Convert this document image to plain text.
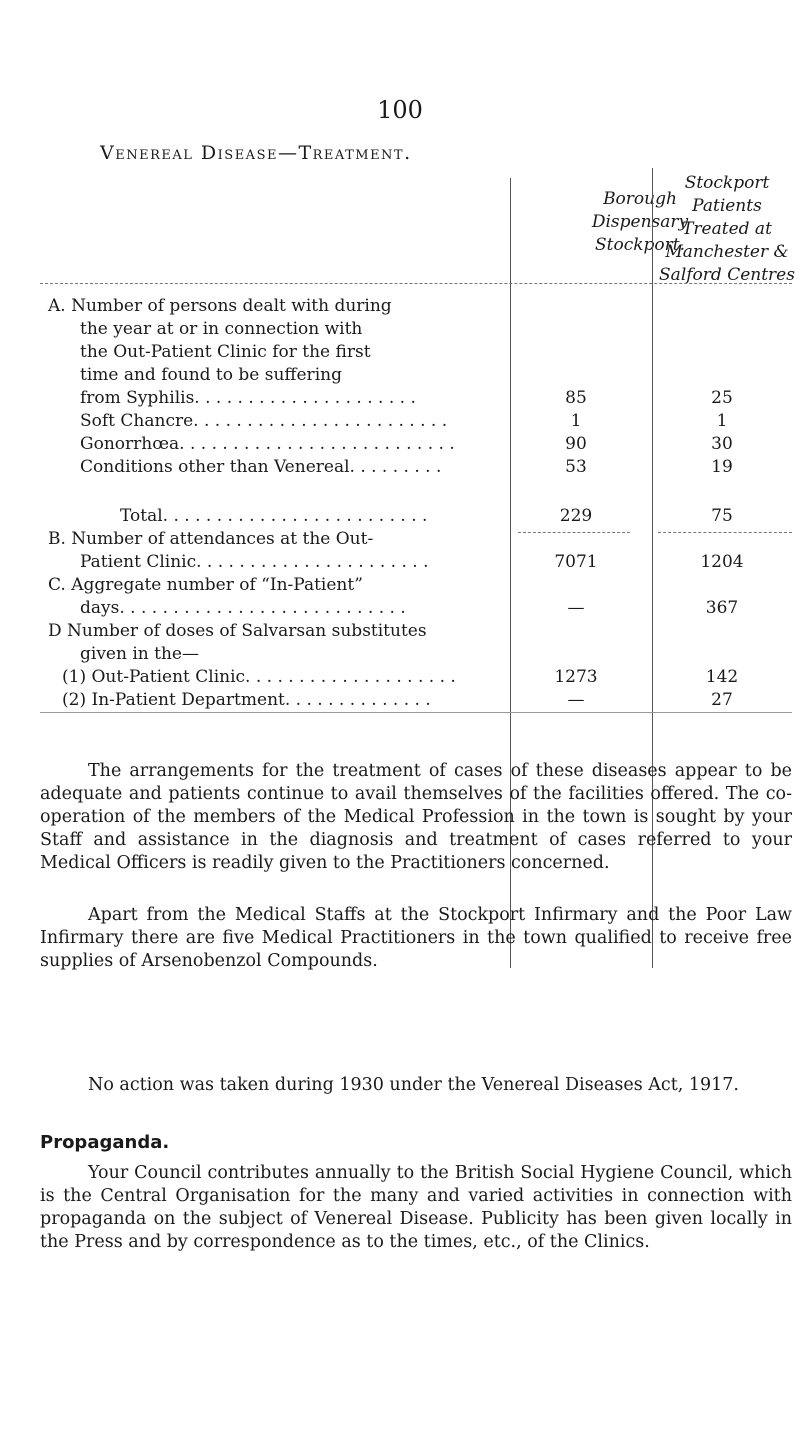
100
Venereal Disease—Treatment.
Borough
Dispensary
Stockport.
Stockport
Patients
Treated at
Manchester &
Salford Centres
A. Number of persons dealt with during
the year at or in connection with
the Out-Patient Clinic for the first
time and found to be suffering
from Syphilis. . . . . . . . . . . . . . . . . . . . .	85	25
Soft Chancre. . . . . . . . . . . . . . . . . . . . . . . .	1	1
Gonorrhœa. . . . . . . . . . . . . . . . . . . . . . . . . .	90	30
Conditions other than Venereal. . . . . . . . .	53	19
Total. . . . . . . . . . . . . . . . . . . . . . . . .	229	75
B. Number of attendances at the Out-
Patient Clinic. . . . . . . . . . . . . . . . . . . . . .	7071	1204
C. Aggregate number of “In-Patient”
days. . . . . . . . . . . . . . . . . . . . . . . . . . .	—	367
D Number of doses of Salvarsan substitutes
given in the—
(1) Out-Patient Clinic. . . . . . . . . . . . . . . . . . . .	1273	142
(2) In-Patient Department. . . . . . . . . . . . . .	—	27
The arrangements for the treatment of cases of these diseases appear to be adequate and patients continue to avail themselves of the facilities offered. The co-operation of the members of the Medical Profession in the town is sought by your Staff and assistance in the diagnosis and treatment of cases referred to your Medical Officers is readily given to the Practitioners concerned.
Apart from the Medical Staffs at the Stockport Infirmary and the Poor Law Infirmary there are five Medical Practitioners in the town qualified to receive free supplies of Arsenobenzol Compounds.
No action was taken during 1930 under the Venereal Diseases Act, 1917.
Propaganda.
Your Council contributes annually to the British Social Hygiene Council, which is the Central Organisation for the many and varied activities in connection with propaganda on the subject of Venereal Disease. Publicity has been given locally in the Press and by correspondence as to the times, etc., of the Clinics.
